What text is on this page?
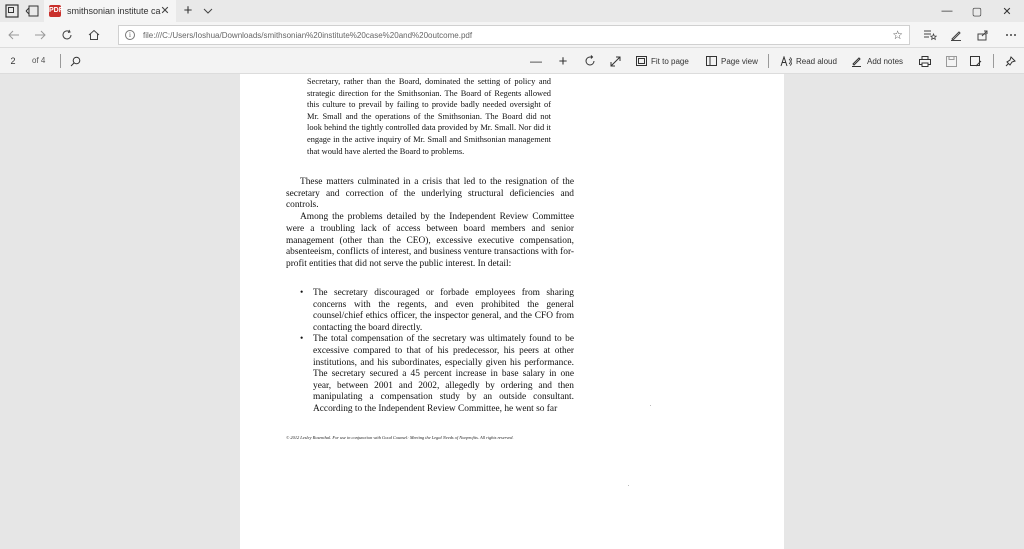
PDF smithsonian institute ca ✕ +	—	▢	✕
i	file:///C:/Users/Ioshua/Downloads/smithsonian%20institute%20case%20and%20outcome.pdf	☆
2	of 4	— +	Fit to page	Page view	Read aloud	Add notes
Secretary, rather than the Board, dominated the setting of policy and strategic direction for the Smithsonian. The Board of Regents allowed this culture to prevail by failing to provide badly needed oversight of Mr. Small and the operations of the Smithsonian. The Board did not look behind the tightly controlled data provided by Mr. Small. Nor did it engage in the active inquiry of Mr. Small and Smithsonian management that would have alerted the Board to problems.

These matters culminated in a crisis that led to the resignation of the secretary and correction of the underlying structural deficiencies and controls.

Among the problems detailed by the Independent Review Committee were a troubling lack of access between board members and senior management (other than the CEO), excessive executive compensation, absenteeism, conflicts of interest, and business venture transactions with for-profit entities that did not serve the public interest. In detail:

• The secretary discouraged or forbade employees from sharing concerns with the regents, and even prohibited the general counsel/chief ethics officer, the inspector general, and the CFO from contacting the board directly.
• The total compensation of the secretary was ultimately found to be excessive compared to that of his predecessor, his peers at other institutions, and his subordinates, especially given his performance. The secretary secured a 45 percent increase in base salary in one year, between 2001 and 2002, allegedly by ordering and then manipulating a compensation study by an outside consultant. According to the Independent Review Committee, he went so far
© 2012 Lesley Rosenthal. For use in conjunction with Good Counsel: Meeting the Legal Needs of Nonprofits. All rights reserved.
